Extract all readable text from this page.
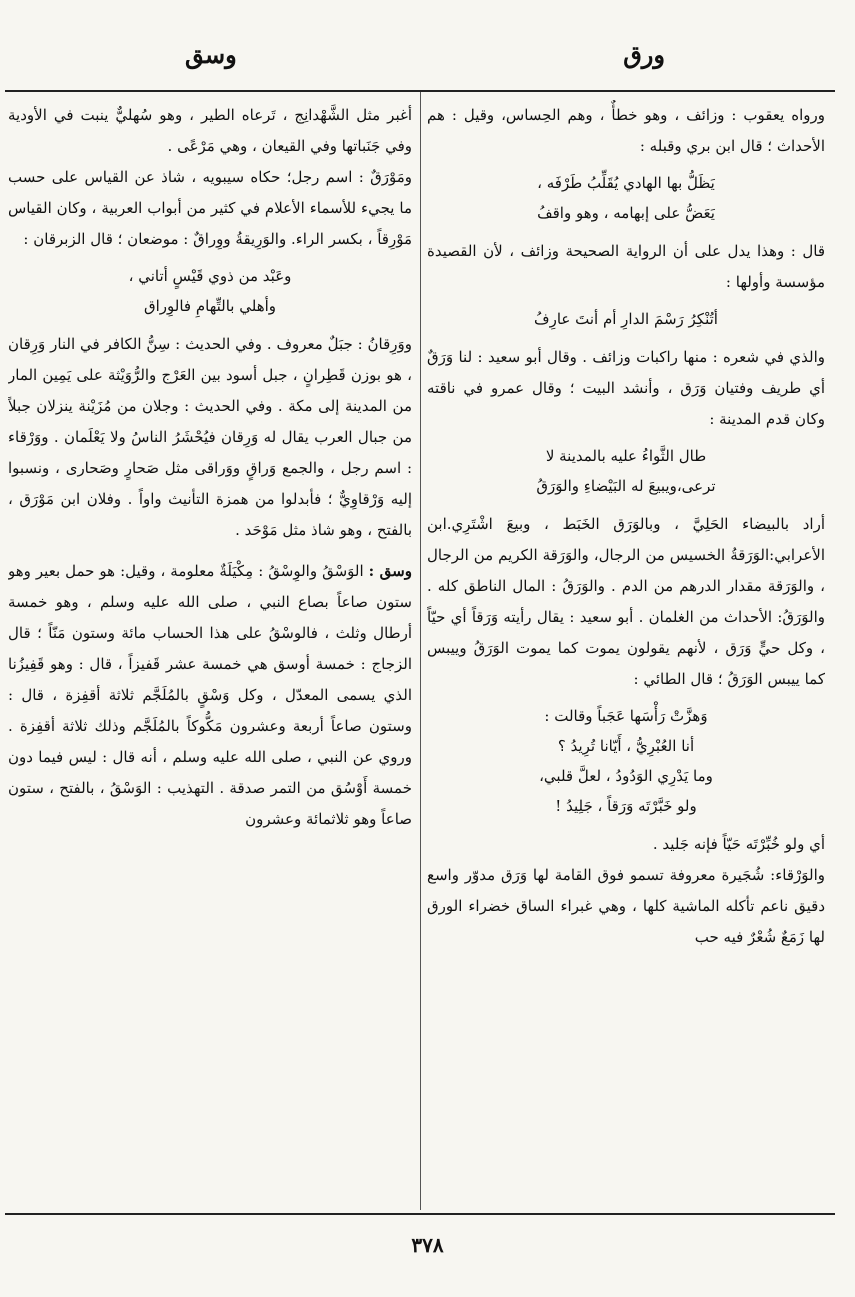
ورق
وسق

ورواه يعقوب : وزائف ، وهو خطأٌ ، وهم الحِساس، وقيل : هم الأحداث ؛ قال ابن بري وقبله :

يَظَلُّ بها الهادي يُقَلِّبُ طَرْفَه ،
يَعَضُّ على إبهامه ، وهو واقفُ

قال : وهذا يدل على أن الرواية الصحيحة وزائف ، لأن القصيدة مؤسسة وأولها :

أتُنْكِرُ رَسْمَ الدارِ أم أنتَ عارِفُ

والذي في شعره : منها راكبات وزائف . وقال أبو سعيد : لنا وَرَقٌ أي طريف وفتيان وَرَق ، وأنشد البيت ؛ وقال عمرو في ناقته وكان قدم المدينة :

طال الثَّواءُ عليه بالمدينة لا
ترعى،ويبيعَ له البَيْضاءِ والوَرَقُ

أراد بالبيضاء الحَلِيَّ ، وبالوَرَق الخَبَط ، وبيعَ اشْتَرِي.ابن الأعرابي:الوَرَقةُ الخسيس من الرجال، والوَرَقة الكريم من الرجال ، والوَرَقة مقدار الدرهم من الدم . والوَرَقُ : المال الناطق كله . والوَرَقُ: الأحداث من الغلمان . أبو سعيد : يقال رأيته وَرَقاً أي حيّاً ، وكل حيٍّ وَرَق ، لأنهم يقولون يموت كما يموت الوَرَقُ وييبس كما ييبس الوَرَقُ ؛ قال الطائي :

وَهزَّتْ رَأْسَها عَجَباً وقالت :
أنا العُبْرِيُّ ، أَيّانا تُرِيدُ ؟
وما يَدْرِي الوَدُودُ ، لعلَّ قلبي،
ولو خَبَّرْتَه وَرَقاً ، جَلِيدُ !

أي ولو خُبِّرْتَه حَيّاً فإنه جَليد .

والوَرْقاء: شُجَيرة معروفة تسمو فوق القامة لها وَرَق مدوّر واسع دقيق ناعم تأكله الماشية كلها ، وهي غبراء الساق خضراء الورق لها زَمَعٌ شُعْرٌ فيه حب

أغبر مثل الشَّهْدانِج ، تَرعاه الطير ، وهو سُهليٌّ ينبت في الأودية وفي جَنَباتها وفي القيعان ، وهي مَرْعًى .

ومَوْرَقٌ : اسم رجل؛ حكاه سيبويه ، شاذ عن القياس على حسب ما يجيء للأسماء الأعلام في كثير من أبواب العربية ، وكان القياس مَوْرِقاً ، بكسر الراء. والوَرِيقةُ ووِراقٌ : موضعان ؛ قال الزبرقان :

وعَبْد من ذوي قَيْسٍ أتاني ،
وأهلي بالتِّهامِ فالوِراق

ووَرِقانُ : جبَلٌ معروف . وفي الحديث : سِنُّ الكافر في النار وَرِقان ، هو بوزن قَطِرانٍ ، جبل أسود بين العَرْج والرُّوَيْثة على يَمِين المار من المدينة إلى مكة . وفي الحديث : وجلان من مُزَيْنة ينزلان جبلاً من جبال العرب يقال له وَرِقان فيُحْشَرُ الناسُ ولا يَعْلَمان . ووَرْقاء : اسم رجل ، والجمع وَراقٍ ووَراقى مثل صَحارٍ وصَحارى ، ونسبوا إليه وَرْقاوِيٌّ ؛ فأبدلوا من همزة التأنيث واواً . وفلان ابن مَوْرَق ، بالفتح ، وهو شاذ مثل مَوْحَد .

وسق : الوَسْقُ والوِسْقُ : مِكْيَلَةٌ معلومة ، وقيل: هو حمل بعير وهو ستون صاعاً بصاع النبي ، صلى الله عليه وسلم ، وهو خمسة أرطال وثلث ، فالوسْقُ على هذا الحساب مائة وستون مَنّاً ؛ قال الزجاج : خمسة أوسق هي خمسة عشر قَفيزاً ، قال : وهو قَفِيزُنا الذي يسمى المعدّل ، وكل وَسْقٍ بالمُلَجَّم ثلاثة أقفِزة ، قال : وستون صاعاً أربعة وعشرون مَكُّوكاً بالمُلَجَّم وذلك ثلاثة أقفِزة . وروي عن النبي ، صلى الله عليه وسلم ، أنه قال : ليس فيما دون خمسة أَوْسُق من التمر صدقة . التهذيب : الوَسْقُ ، بالفتح ، ستون صاعاً وهو ثلاثمائة وعشرون

٣٧٨
